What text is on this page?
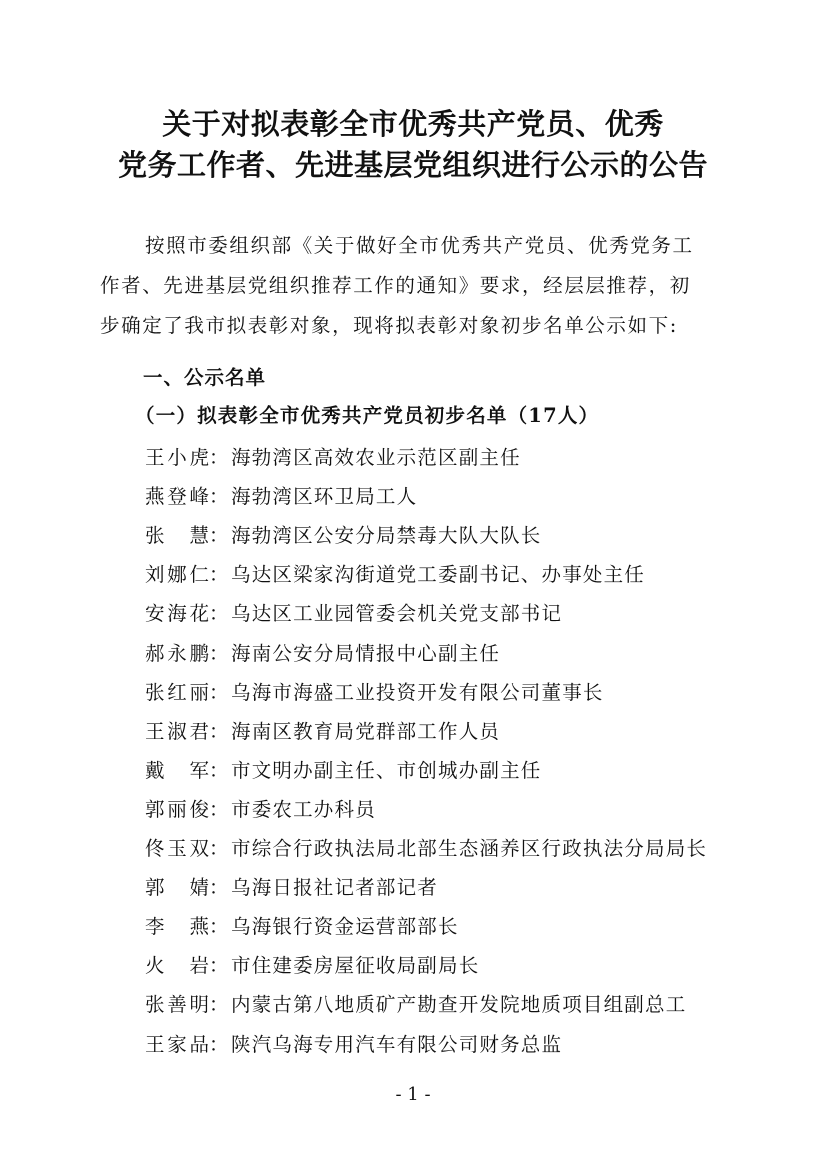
关于对拟表彰全市优秀共产党员、优秀
党务工作者、先进基层党组织进行公示的公告

按照市委组织部《关于做好全市优秀共产党员、优秀党务工

作者、先进基层党组织推荐工作的通知》要求，经层层推荐，初

步确定了我市拟表彰对象，现将拟表彰对象初步名单公示如下:

一、公示名单
（一）拟表彰全市优秀共产党员初步名单（17人）
王小虎 ： 海勃湾区高效农业示范区副主任
燕登峰 ： 海勃湾区环卫局工人
张慧 ： 海勃湾区公安分局禁毒大队大队长
刘娜仁 ： 乌达区梁家沟街道党工委副书记、办事处主任
安海花 ： 乌达区工业园管委会机关党支部书记
郝永鹏 ： 海南公安分局情报中心副主任
张红丽 ： 乌海市海盛工业投资开发有限公司董事长
王淑君 ： 海南区教育局党群部工作人员
戴军 ： 市文明办副主任、市创城办副主任
郭丽俊 ： 市委农工办科员
佟玉双 ： 市综合行政执法局北部生态涵养区行政执法分局局长
郭婧 ： 乌海日报社记者部记者
李燕 ： 乌海银行资金运营部部长
火岩 ： 市住建委房屋征收局副局长
张善明 ： 内蒙古第八地质矿产勘查开发院地质项目组副总工
王家品 ： 陕汽乌海专用汽车有限公司财务总监
- 1 -
